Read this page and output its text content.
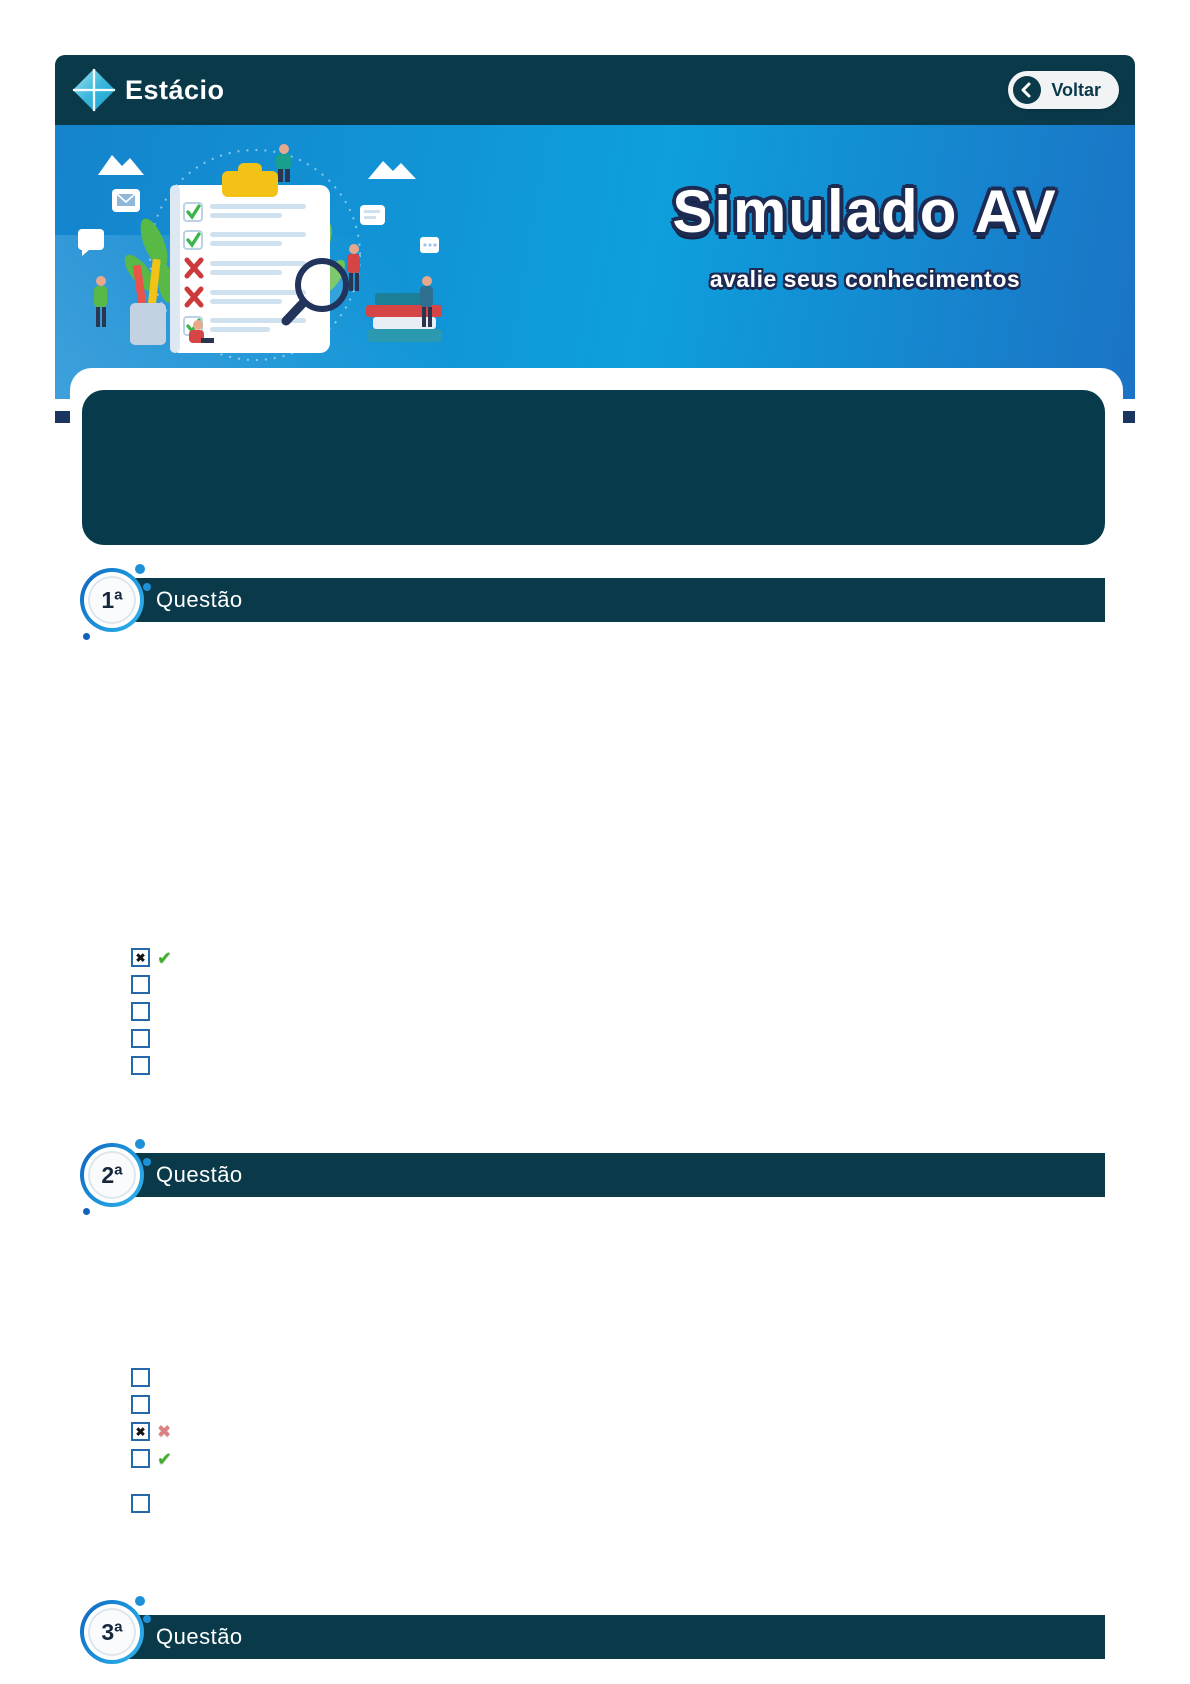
Estácio	Voltar
Simulado AV
avalie seus conhecimentos
Questão
1ª
✖ ✔
Questão
2ª
✖ ✖
✔
Questão
3ª
